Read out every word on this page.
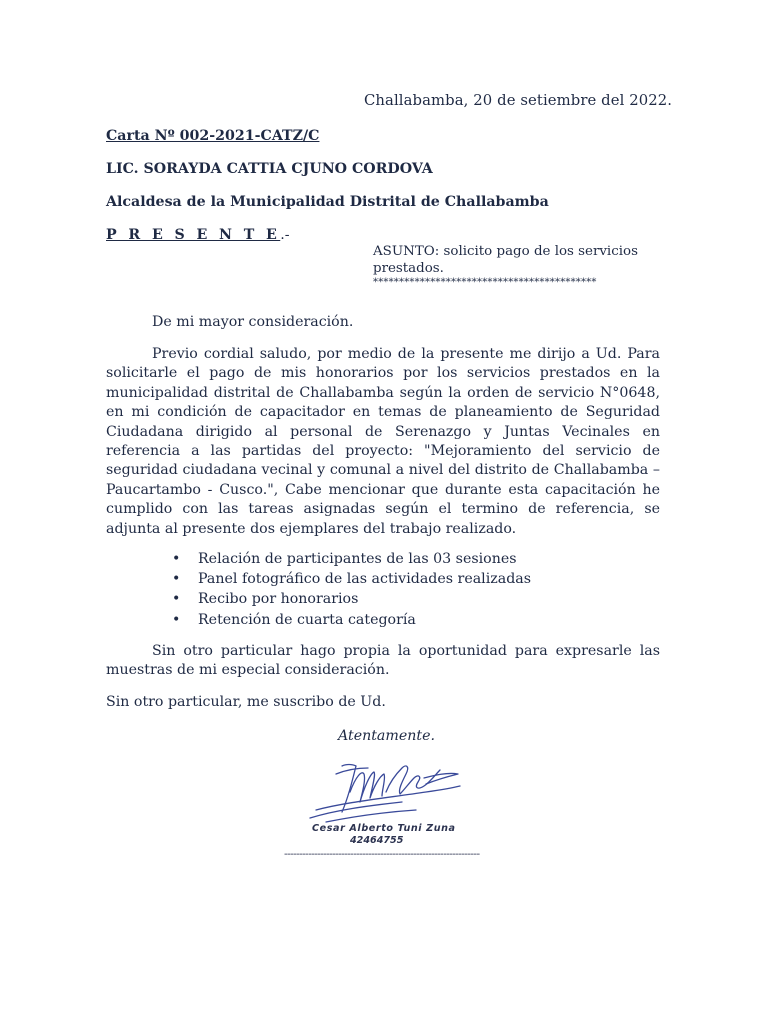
Challabamba, 20 de setiembre del 2022.
Carta Nº 002-2021-CATZ/C
LIC. SORAYDA CATTIA CJUNO CORDOVA
Alcaldesa de la Municipalidad Distrital de Challabamba
P R E S E N T E.-
ASUNTO: solicito pago de los servicios prestados.
*******************************************
De mi mayor consideración.
Previo cordial saludo, por medio de la presente me dirijo a Ud. Para solicitarle el pago de mis honorarios por los servicios prestados en la municipalidad distrital de Challabamba según la orden de servicio N°0648, en mi condición de capacitador en temas de planeamiento de Seguridad Ciudadana dirigido al personal de Serenazgo y Juntas Vecinales en referencia a las partidas del proyecto: "Mejoramiento del servicio de seguridad ciudadana vecinal y comunal a nivel del distrito de Challabamba – Paucartambo - Cusco.", Cabe mencionar que durante esta capacitación he cumplido con las tareas asignadas según el termino de referencia, se adjunta al presente dos ejemplares del trabajo realizado.
• Relación de participantes de las 03 sesiones
• Panel fotográfico de las actividades realizadas
• Recibo por honorarios
• Retención de cuarta categoría
Sin otro particular hago propia la oportunidad para expresarle las muestras de mi especial consideración.
Sin otro particular, me suscribo de Ud.
Atentamente.
Cesar Alberto Tuni Zuna
42464755
-----------------------------------------------------------------
